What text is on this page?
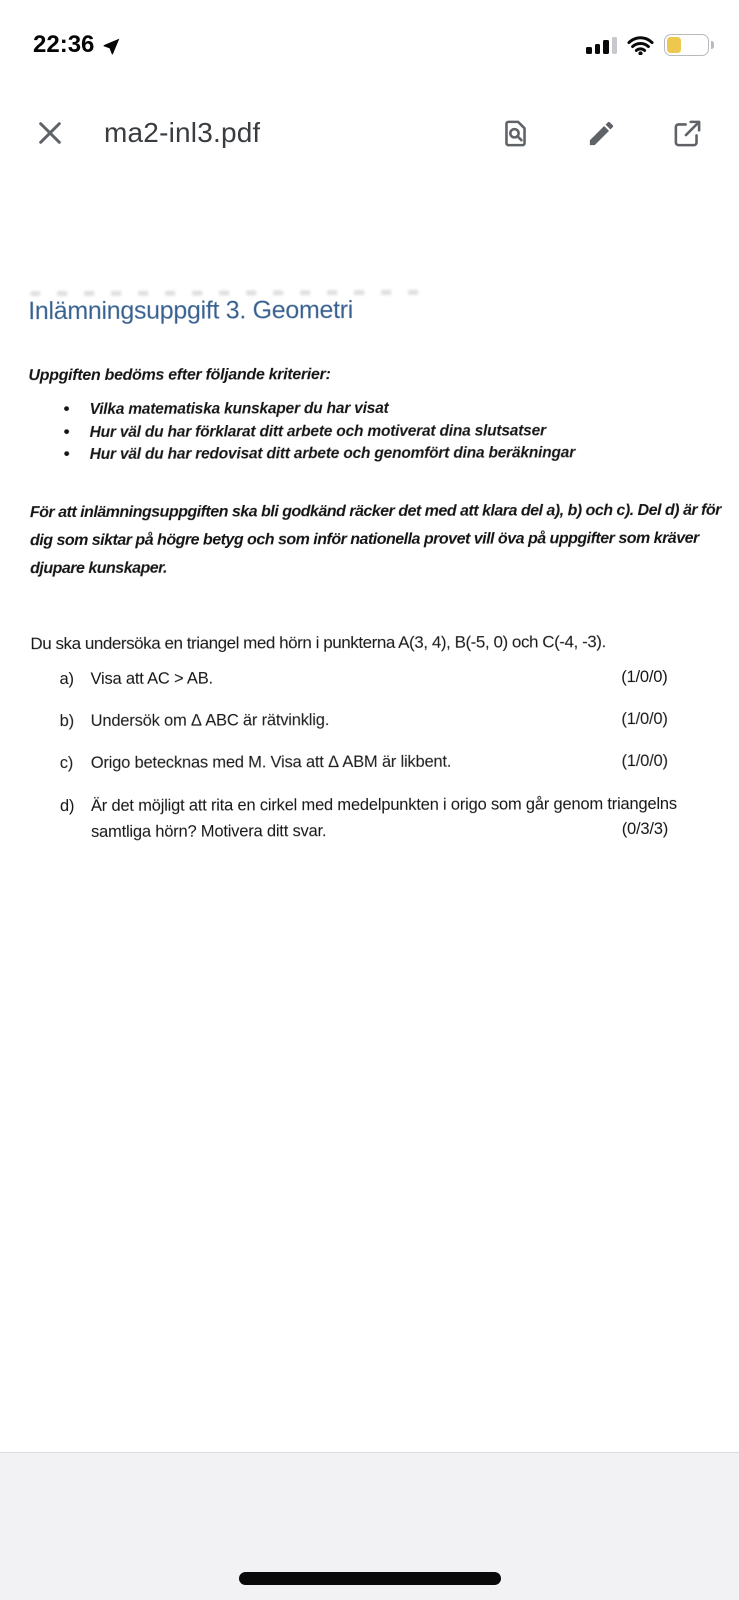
22:36
ma2-inl3.pdf
Inlämningsuppgift 3. Geometri

Uppgiften bedöms efter följande kriterier:

• Vilka matematiska kunskaper du har visat
• Hur väl du har förklarat ditt arbete och motiverat dina slutsatser
• Hur väl du har redovisat ditt arbete och genomfört dina beräkningar

För att inlämningsuppgiften ska bli godkänd räcker det med att klara del a), b) och c). Del d) är för dig som siktar på högre betyg och som inför nationella provet vill öva på uppgifter som kräver djupare kunskaper.

Du ska undersöka en triangel med hörn i punkterna A(3, 4), B(-5, 0) och C(-4, -3).

a) Visa att AC > AB.	(1/0/0)
b) Undersök om Δ ABC är rätvinklig.	(1/0/0)
c) Origo betecknas med M. Visa att Δ ABM är likbent.	(1/0/0)
d) Är det möjligt att rita en cirkel med medelpunkten i origo som går genom triangelns samtliga hörn? Motivera ditt svar.	(0/3/3)
